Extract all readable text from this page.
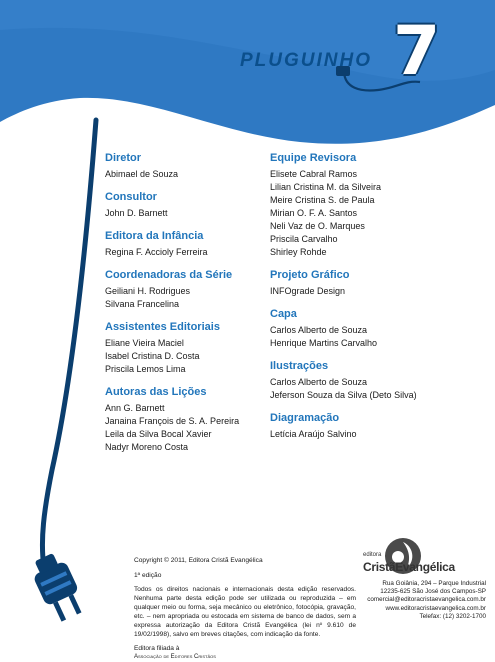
PLUGUINHO 7
Diretor
Abimael de Souza
Consultor
John D. Barnett
Editora da Infância
Regina F. Accioly Ferreira
Coordenadoras da Série
Geiliani H. Rodrigues
Silvana Francelina
Assistentes Editoriais
Eliane Vieira Maciel
Isabel Cristina D. Costa
Priscila Lemos Lima
Autoras das Lições
Ann G. Barnett
Janaina François de S. A. Pereira
Leila da Silva Bocal Xavier
Nadyr Moreno Costa
Equipe Revisora
Elisete Cabral Ramos
Lilian Cristina M. da Silveira
Meire Cristina S. de Paula
Mirian O. F. A. Santos
Neli Vaz de O. Marques
Priscila Carvalho
Shirley Rohde
Projeto Gráfico
INFOgrade Design
Capa
Carlos Alberto de Souza
Henrique Martins Carvalho
Ilustrações
Carlos Alberto de Souza
Jeferson Souza da Silva (Deto Silva)
Diagramação
Letícia Araújo Salvino
Copyright © 2011, Editora Cristã Evangélica
1ª edição
Todos os direitos nacionais e internacionais desta edição reservados. Nenhuma parte desta edição pode ser utilizada ou reproduzida – em qualquer meio ou forma, seja mecânico ou eletrônico, fotocópia, gravação, etc. – nem apropriada ou estocada em sistema de banco de dados, sem a expressa autorização da Editora Cristã Evangélica (lei nº 9.610 de 19/02/1998), salvo em breves citações, com indicação da fonte.
Editora filiada à
Associação de Editores Cristãos
editora
CristãEvangélica
Rua Goiânia, 294 – Parque Industrial
12235-625 São José dos Campos-SP
comercial@editoracristaevangelica.com.br
www.editoracristaevangelica.com.br
Telefax: (12) 3202-1700
